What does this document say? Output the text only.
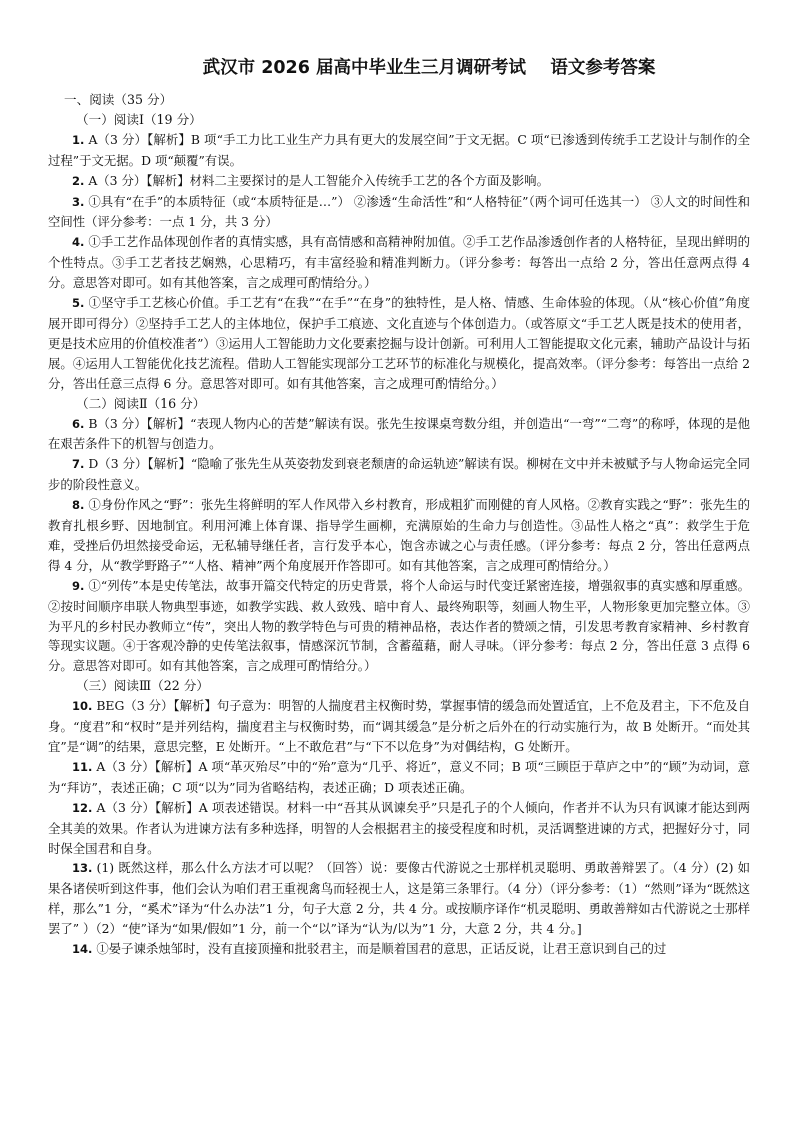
武汉市 2026 届高中毕业生三月调研考试    语文参考答案

一、阅读（35 分）

（一）阅读Ⅰ（19 分）

1. A（3 分）【解析】B 项“手工力比工业生产力具有更大的发展空间”于文无据。C 项“已渗透到传统手工艺设计与制作的全过程”于文无据。D 项“颠覆”有误。

2. A（3 分）【解析】材料二主要探讨的是人工智能介入传统手工艺的各个方面及影响。

3. ①具有“在手”的本质特征（或“本质特征是…”） ②渗透“生命活性”和“人格特征”（两个词可任选其一） ③人文的时间性和空间性（评分参考：一点 1 分，共 3 分）

4. ①手工艺作品体现创作者的真情实感，具有高情感和高精神附加值。②手工艺作品渗透创作者的人格特征，呈现出鲜明的个性特点。③手工艺者技艺娴熟，心思精巧，有丰富经验和精准判断力。（评分参考：每答出一点给 2 分，答出任意两点得 4 分。意思答对即可。如有其他答案，言之成理可酌情给分。）

5. ①坚守手工艺核心价值。手工艺有“在我”“在手”“在身”的独特性，是人格、情感、生命体验的体现。（从“核心价值”角度展开即可得分）②坚持手工艺人的主体地位，保护手工痕迹、文化直迹与个体创造力。（或答原文“手工艺人既是技术的使用者，更是技术应用的价值校准者”）③运用人工智能助力文化要素挖掘与设计创新。可利用人工智能提取文化元素，辅助产品设计与拓展。④运用人工智能优化技艺流程。借助人工智能实现部分工艺环节的标准化与规模化，提高效率。（评分参考：每答出一点给 2 分，答出任意三点得 6 分。意思答对即可。如有其他答案，言之成理可酌情给分。）

（二）阅读Ⅱ（16 分）

6. B（3 分）【解析】“表现人物内心的苦楚”解读有误。张先生按课桌弯数分组，并创造出“一弯”“二弯”的称呼，体现的是他在艰苦条件下的机智与创造力。

7. D（3 分）【解析】“隐喻了张先生从英姿勃发到衰老颓唐的命运轨迹”解读有误。柳树在文中并未被赋予与人物命运完全同步的阶段性意义。

8. ①身份作风之“野”：张先生将鲜明的军人作风带入乡村教育，形成粗犷而刚健的育人风格。②教育实践之“野”：张先生的教育扎根乡野、因地制宜。利用河滩上体育课、指导学生画柳，充满原始的生命力与创造性。③品性人格之“真”：救学生于危难，受挫后仍坦然接受命运，无私辅导继任者，言行发乎本心，饱含赤诚之心与责任感。（评分参考：每点 2 分，答出任意两点得 4 分，从“教学野路子”“人格、精神”两个角度展开作答即可。如有其他答案，言之成理可酌情给分。）

9. ①“列传”本是史传笔法，故事开篇交代特定的历史背景，将个人命运与时代变迁紧密连接，增强叙事的真实感和厚重感。②按时间顺序串联人物典型事迹，如教学实践、救人致残、暗中育人、最终殉职等，刻画人物生平，人物形象更加完整立体。③为平凡的乡村民办教师立“传”，突出人物的教学特色与可贵的精神品格，表达作者的赞颂之情，引发思考教育家精神、乡村教育等现实议题。④于客观冷静的史传笔法叙事，情感深沉节制，含蓄蕴藉，耐人寻味。（评分参考：每点 2 分，答出任意 3 点得 6 分。意思答对即可。如有其他答案，言之成理可酌情给分。）

（三）阅读Ⅲ（22 分）

10. BEG（3 分）【解析】句子意为：明智的人揣度君主权衡时势，掌握事情的缓急而处置适宜，上不危及君主，下不危及自身。“度君”和“权时”是并列结构，揣度君主与权衡时势，而“调其缓急”是分析之后外在的行动实施行为，故 B 处断开。“而处其宜”是“调”的结果，意思完整，E 处断开。“上不敢危君”与“下不以危身”为对偶结构，G 处断开。

11. A（3 分）【解析】A 项“革灭殆尽”中的“殆”意为“几乎、将近”，意义不同；B 项“三顾臣于草庐之中”的“顾”为动词，意为“拜访”，表述正确；C 项“以为”同为省略结构，表述正确；D 项表述正确。

12. A（3 分）【解析】A 项表述错误。材料一中“吾其从讽谏矣乎”只是孔子的个人倾向，作者并不认为只有讽谏才能达到两全其美的效果。作者认为进谏方法有多种选择，明智的人会根据君主的接受程度和时机，灵活调整进谏的方式，把握好分寸，同时保全国君和自身。

13. (1) 既然这样，那么什么方法才可以呢？（回答）说：要像古代游说之士那样机灵聪明、勇敢善辩罢了。（4 分）(2) 如果各诸侯听到这件事，他们会认为咱们君王重视禽鸟而轻视士人，这是第三条罪行。（4 分）（评分参考：（1）“然则”译为“既然这样，那么”1 分，“奚术”译为“什么办法”1 分，句子大意 2 分，共 4 分。或按顺序译作“机灵聪明、勇敢善辩如古代游说之士那样罢了” ）（2）“使”译为“如果/假如”1 分，前一个“以”译为“认为/以为”1 分，大意 2 分，共 4 分。]

14. ①晏子谏杀烛邹时，没有直接顶撞和批驳君主，而是顺着国君的意思，正话反说，让君王意识到自己的过
